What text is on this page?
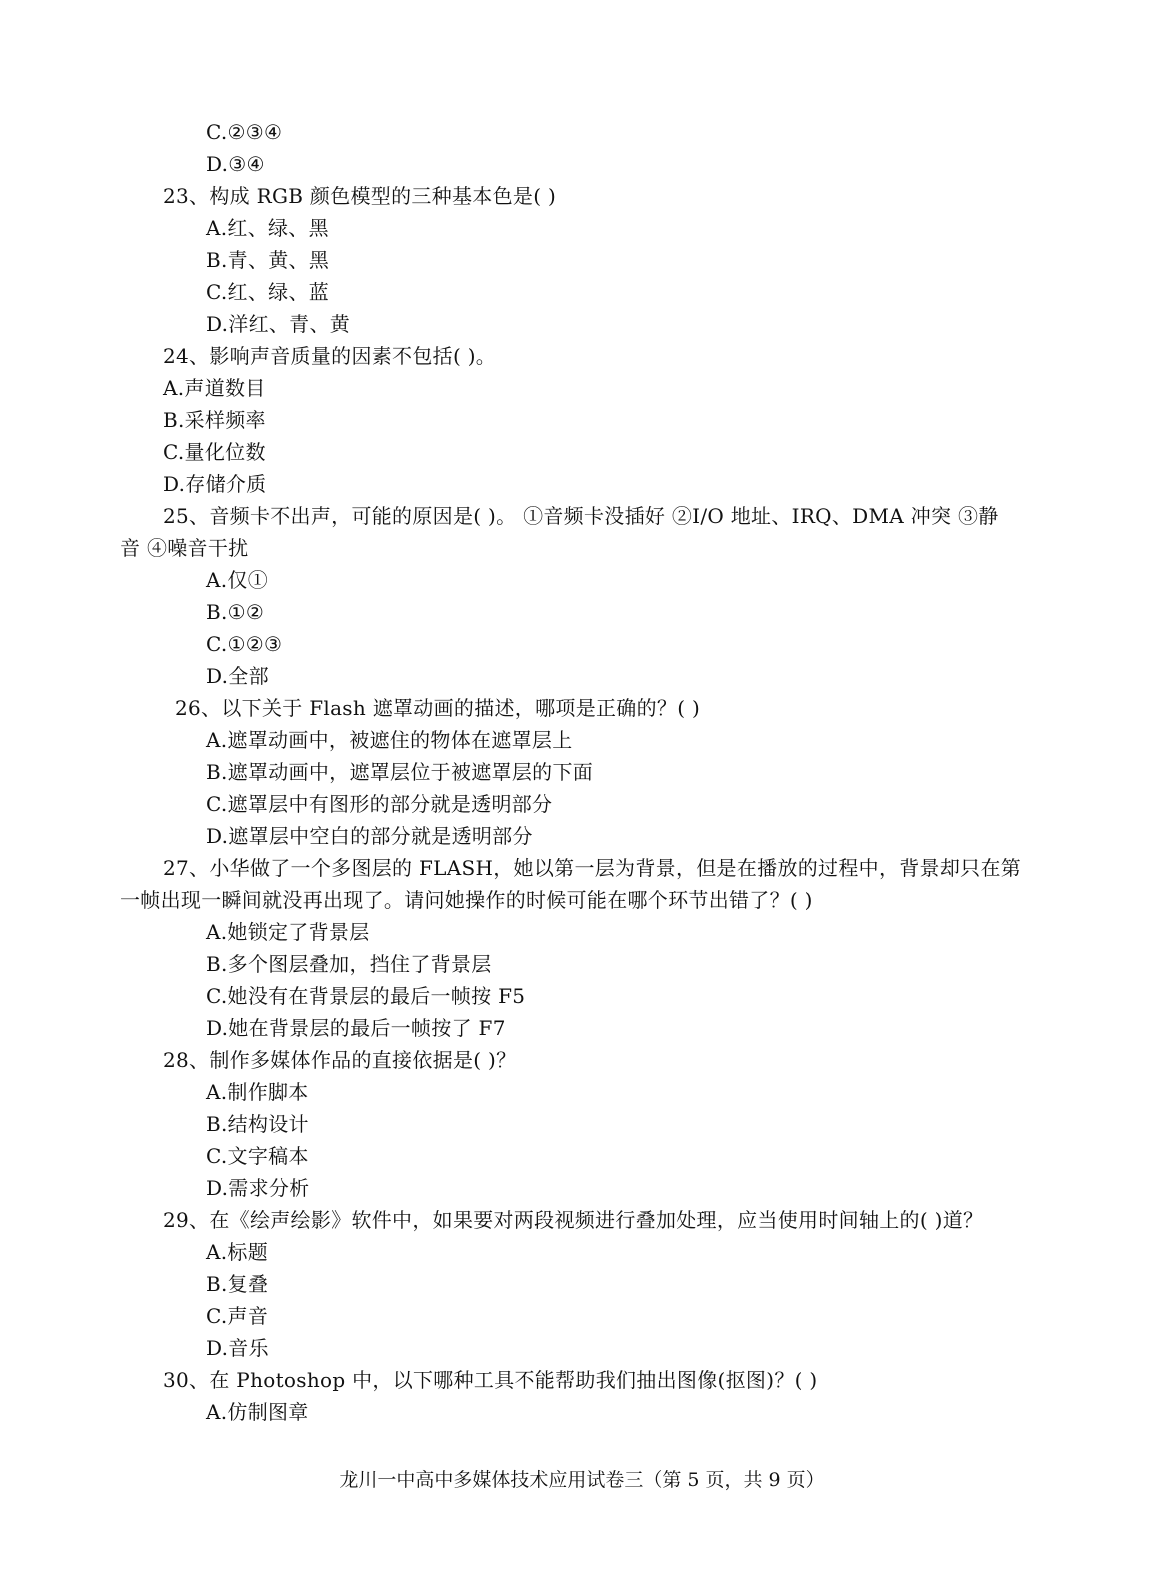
C.②③④
D.③④
23、构成 RGB 颜色模型的三种基本色是( )
A.红、绿、黑
B.青、黄、黑
C.红、绿、蓝
D.洋红、青、黄
24、影响声音质量的因素不包括( )。
A.声道数目
B.采样频率
C.量化位数
D.存储介质
25、音频卡不出声，可能的原因是( )。 ①音频卡没插好 ②I/O 地址、IRQ、DMA 冲突 ③静
音 ④噪音干扰
A.仅①
B.①②
C.①②③
D.全部
26、以下关于 Flash 遮罩动画的描述，哪项是正确的？( )
A.遮罩动画中，被遮住的物体在遮罩层上
B.遮罩动画中，遮罩层位于被遮罩层的下面
C.遮罩层中有图形的部分就是透明部分
D.遮罩层中空白的部分就是透明部分
27、小华做了一个多图层的 FLASH，她以第一层为背景，但是在播放的过程中，背景却只在第
一帧出现一瞬间就没再出现了。请问她操作的时候可能在哪个环节出错了？( )
A.她锁定了背景层
B.多个图层叠加，挡住了背景层
C.她没有在背景层的最后一帧按 F5
D.她在背景层的最后一帧按了 F7
28、制作多媒体作品的直接依据是( )？
A.制作脚本
B.结构设计
C.文字稿本
D.需求分析
29、在《绘声绘影》软件中，如果要对两段视频进行叠加处理，应当使用时间轴上的( )道？
A.标题
B.复叠
C.声音
D.音乐
30、在 Photoshop 中，以下哪种工具不能帮助我们抽出图像(抠图)？( )
A.仿制图章
龙川一中高中多媒体技术应用试卷三（第 5 页，共 9 页）
